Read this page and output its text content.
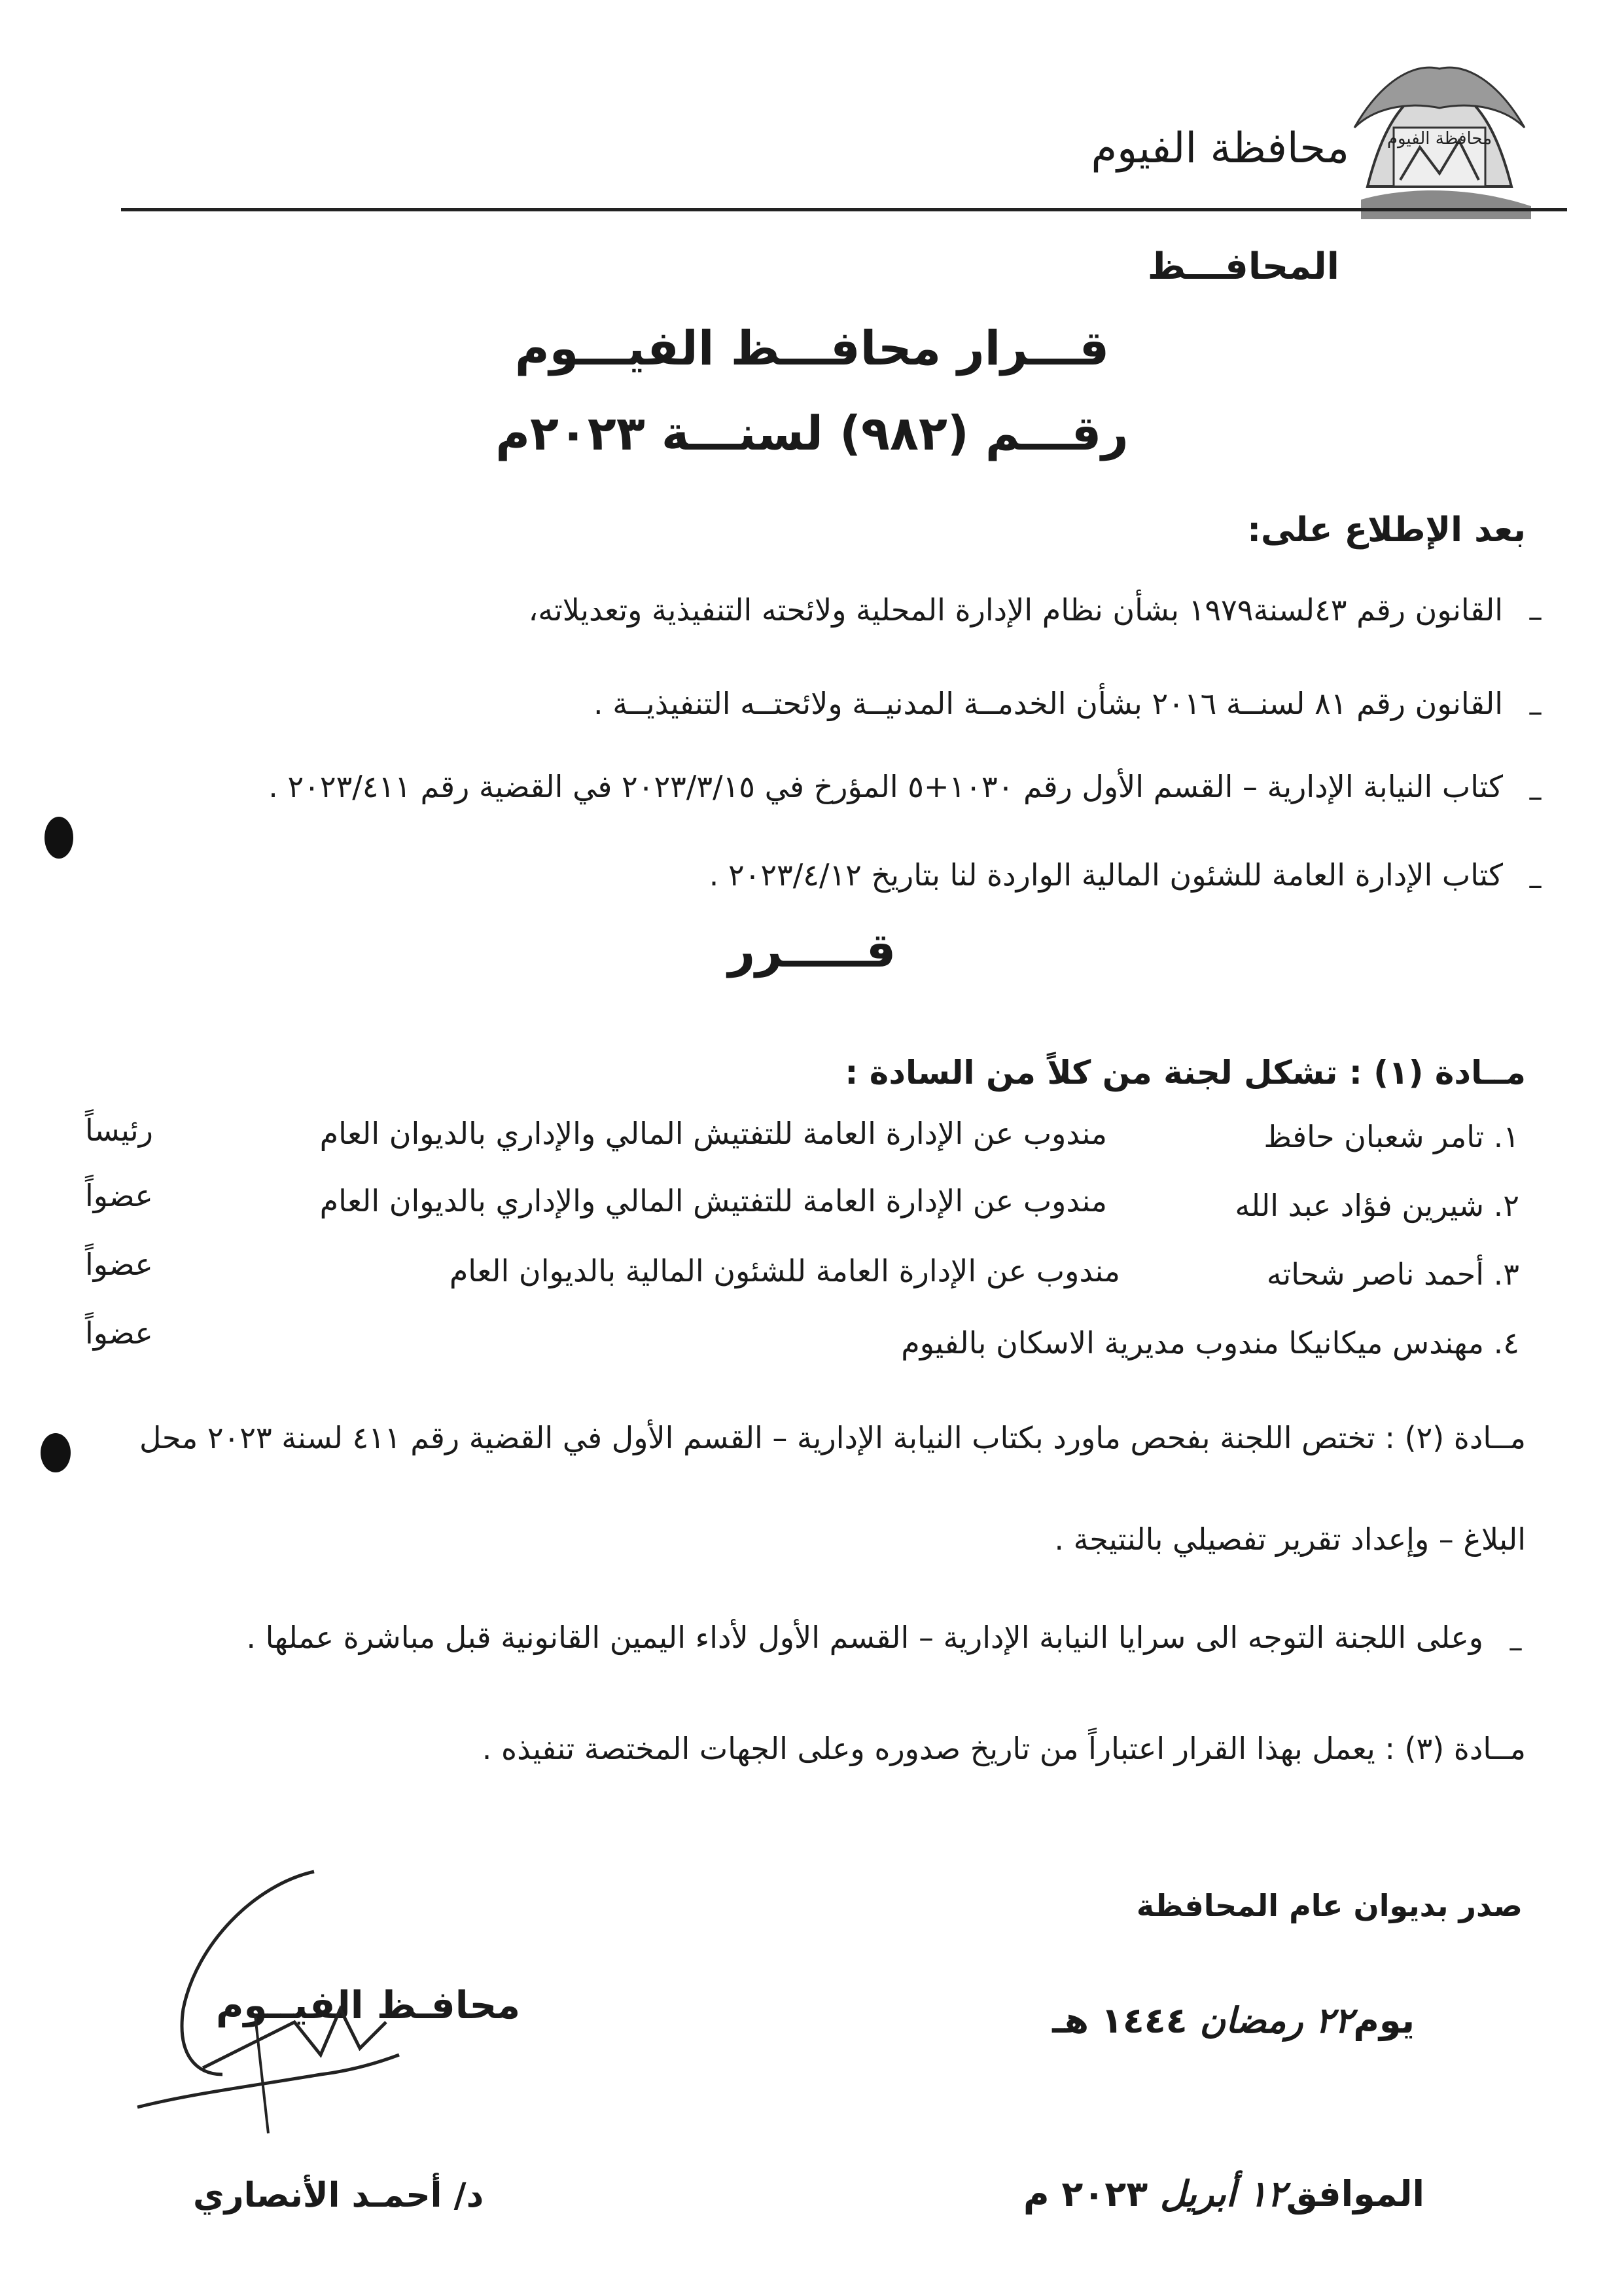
محافظة الفيوم
محافظة الفيوم
المحافـــظ
قـــرار محافـــظ الفيـــوم
رقـــم (٩٨٢) لسنـــة ٢٠٢٣م
بعد الإطلاع على:
–
القانون رقم ٤٣لسنة١٩٧٩ بشأن نظام الإدارة المحلية ولائحته التنفيذية وتعديلاته،
–
القانون رقم ٨١ لسنــة ٢٠١٦ بشأن الخدمــة المدنيــة ولائحتــه التنفيذيــة .
–
كتاب النيابة الإدارية – القسم الأول رقم ١٠٣٠+٥ المؤرخ في ٢٠٢٣/٣/١٥ في القضية رقم ٢٠٢٣/٤١١ .
–
كتاب الإدارة العامة للشئون المالية الواردة لنا بتاريخ ٢٠٢٣/٤/١٢ .
قـــــرر
مــادة (١) : تشكل لجنة من كلاً من السادة :
١. تامر شعبان حافظ
مندوب عن الإدارة العامة للتفتيش المالي والإداري بالديوان العام
رئيساً
٢. شيرين فؤاد عبد الله
مندوب عن الإدارة العامة للتفتيش المالي والإداري بالديوان العام
عضواً
٣. أحمد ناصر شحاته
مندوب عن الإدارة العامة للشئون المالية بالديوان العام
عضواً
٤. مهندس ميكانيكا مندوب مديرية الاسكان بالفيوم
عضواً
مــادة (٢) : تختص اللجنة بفحص ماورد بكتاب النيابة الإدارية – القسم الأول في القضية رقم ٤١١ لسنة ٢٠٢٣ محل
البلاغ – وإعداد تقرير تفصيلي بالنتيجة .
–
وعلى اللجنة التوجه الى سرايا النيابة الإدارية – القسم الأول لأداء اليمين القانونية قبل مباشرة عملها .
مــادة (٣) : يعمل بهذا القرار اعتباراً من تاريخ صدوره وعلى الجهات المختصة تنفيذه .
صدر بديوان عام المحافظة
يوم٢٢ رمضان ١٤٤٤ هـ
الموافق١٢ أبريل ٢٠٢٣ م
محافـظ الفيــوم
د/ أحمـد الأنصاري
